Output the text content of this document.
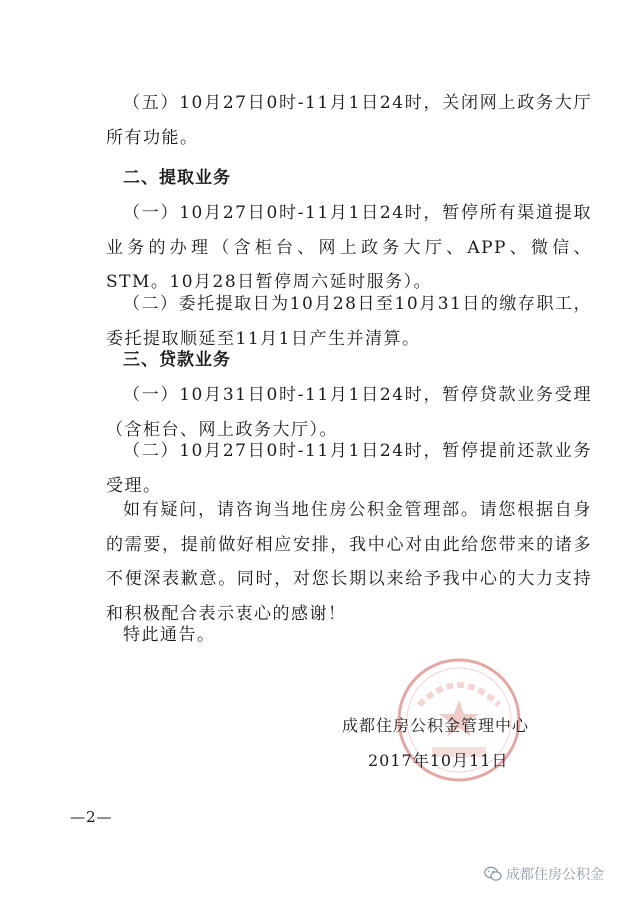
（五）10月27日0时-11月1日24时，关闭网上政务大厅所有功能。

二、提取业务

（一）10月27日0时-11月1日24时，暂停所有渠道提取业务的办理（含柜台、网上政务大厅、APP、微信、STM。10月28日暂停周六延时服务）。

（二）委托提取日为10月28日至10月31日的缴存职工，委托提取顺延至11月1日产生并清算。

三、贷款业务

（一）10月31日0时-11月1日24时，暂停贷款业务受理（含柜台、网上政务大厅）。

（二）10月27日0时-11月1日24时，暂停提前还款业务受理。

如有疑问，请咨询当地住房公积金管理部。请您根据自身的需要，提前做好相应安排，我中心对由此给您带来的诸多不便深表歉意。同时，对您长期以来给予我中心的大力支持和积极配合表示衷心的感谢！

特此通告。

成都住房公积金管理中心
2017年10月11日
—2—
成都住房公积金
